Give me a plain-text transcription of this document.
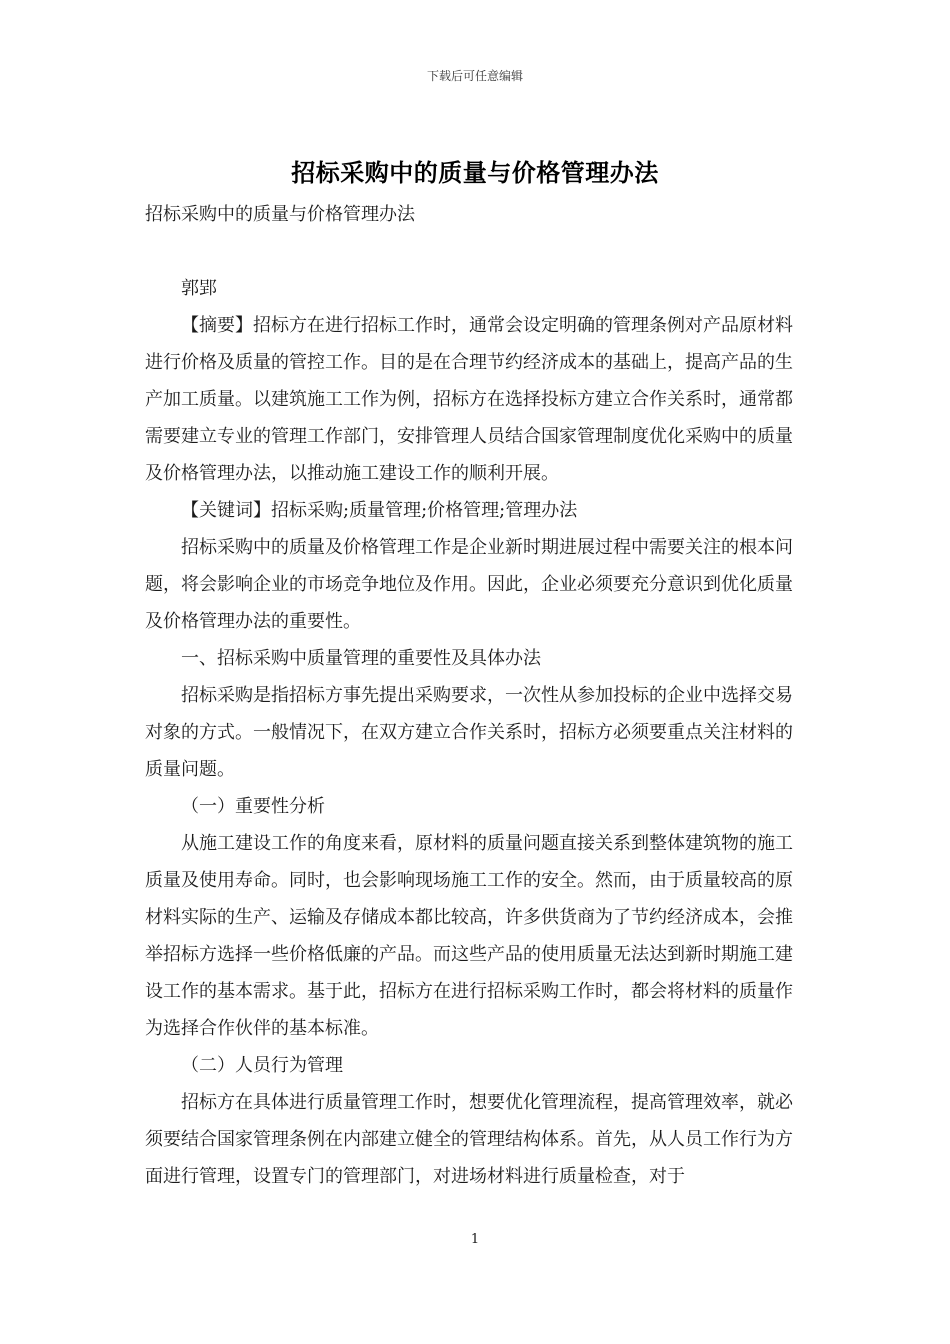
下载后可任意编辑
招标采购中的质量与价格管理办法

招标采购中的质量与价格管理办法

郭郢

【摘要】招标方在进行招标工作时，通常会设定明确的管理条例对产品原材料进行价格及质量的管控工作。目的是在合理节约经济成本的基础上，提高产品的生产加工质量。以建筑施工工作为例，招标方在选择投标方建立合作关系时，通常都需要建立专业的管理工作部门，安排管理人员结合国家管理制度优化采购中的质量及价格管理办法，以推动施工建设工作的顺利开展。

【关键词】招标采购;质量管理;价格管理;管理办法

招标采购中的质量及价格管理工作是企业新时期进展过程中需要关注的根本问题，将会影响企业的市场竞争地位及作用。因此，企业必须要充分意识到优化质量及价格管理办法的重要性。

一、招标采购中质量管理的重要性及具体办法

招标采购是指招标方事先提出采购要求，一次性从参加投标的企业中选择交易对象的方式。一般情况下，在双方建立合作关系时，招标方必须要重点关注材料的质量问题。

（一）重要性分析

从施工建设工作的角度来看，原材料的质量问题直接关系到整体建筑物的施工质量及使用寿命。同时，也会影响现场施工工作的安全。然而，由于质量较高的原材料实际的生产、运输及存储成本都比较高，许多供货商为了节约经济成本，会推举招标方选择一些价格低廉的产品。而这些产品的使用质量无法达到新时期施工建设工作的基本需求。基于此，招标方在进行招标采购工作时，都会将材料的质量作为选择合作伙伴的基本标准。

（二）人员行为管理

招标方在具体进行质量管理工作时，想要优化管理流程，提高管理效率，就必须要结合国家管理条例在内部建立健全的管理结构体系。首先，从人员工作行为方面进行管理，设置专门的管理部门，对进场材料进行质量检查，对于

1
